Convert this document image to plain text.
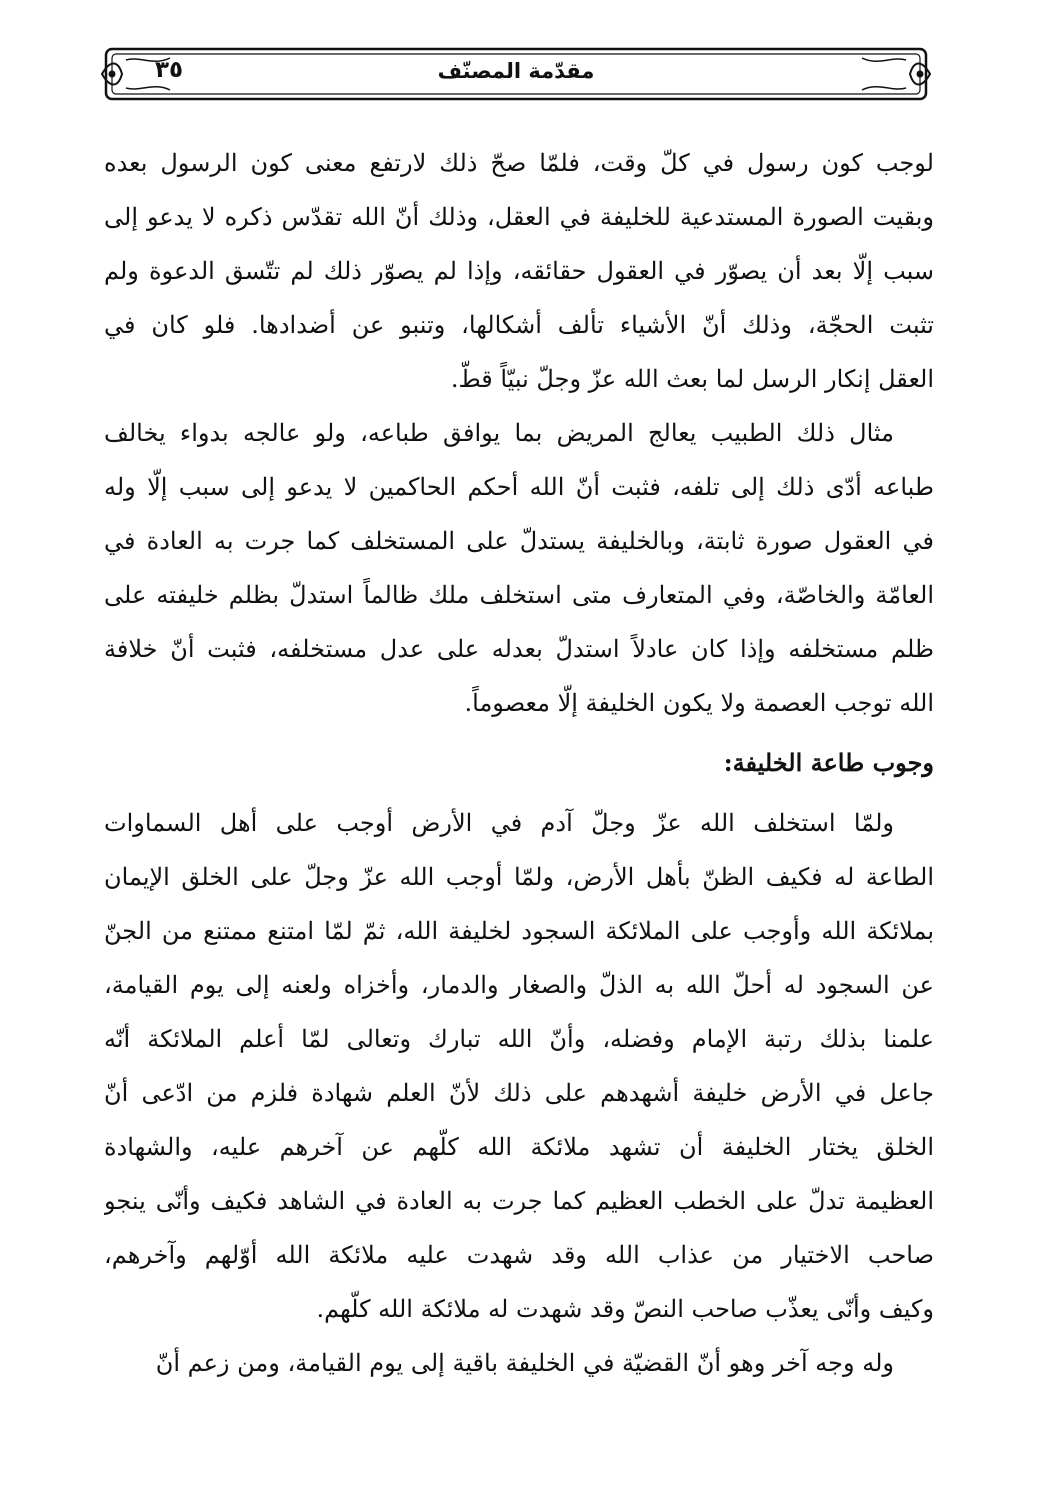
مقدّمة المصنّف
٣٥
لوجب كون رسول في كلّ وقت، فلمّا صحّ ذلك لارتفع معنى كون الرسول بعده
وبقيت الصورة المستدعية للخليفة في العقل، وذلك أنّ الله تقدّس ذكره لا يدعو إلى
سبب إلّا بعد أن يصوّر في العقول حقائقه، وإذا لم يصوّر ذلك لم تتّسق الدعوة ولم
تثبت الحجّة، وذلك أنّ الأشياء تألف أشكالها، وتنبو عن أضدادها. فلو كان في
العقل إنكار الرسل لما بعث الله عزّ وجلّ نبيّاً قطّ.
مثال ذلك الطبيب يعالج المريض بما يوافق طباعه، ولو عالجه بدواء يخالف
طباعه أدّى ذلك إلى تلفه، فثبت أنّ الله أحكم الحاكمين لا يدعو إلى سبب إلّا وله
في العقول صورة ثابتة، وبالخليفة يستدلّ على المستخلف كما جرت به العادة في
العامّة والخاصّة، وفي المتعارف متى استخلف ملك ظالماً استدلّ بظلم خليفته على
ظلم مستخلفه وإذا كان عادلاً استدلّ بعدله على عدل مستخلفه، فثبت أنّ خلافة
الله توجب العصمة ولا يكون الخليفة إلّا معصوماً.
وجوب طاعة الخليفة:
ولمّا استخلف الله عزّ وجلّ آدم في الأرض أوجب على أهل السماوات
الطاعة له فكيف الظنّ بأهل الأرض، ولمّا أوجب الله عزّ وجلّ على الخلق الإيمان
بملائكة الله وأوجب على الملائكة السجود لخليفة الله، ثمّ لمّا امتنع ممتنع من الجنّ
عن السجود له أحلّ الله به الذلّ والصغار والدمار، وأخزاه ولعنه إلى يوم القيامة،
علمنا بذلك رتبة الإمام وفضله، وأنّ الله تبارك وتعالى لمّا أعلم الملائكة أنّه
جاعل في الأرض خليفة أشهدهم على ذلك لأنّ العلم شهادة فلزم من ادّعى أنّ
الخلق يختار الخليفة أن تشهد ملائكة الله كلّهم عن آخرهم عليه، والشهادة
العظيمة تدلّ على الخطب العظيم كما جرت به العادة في الشاهد فكيف وأنّى ينجو
صاحب الاختيار من عذاب الله وقد شهدت عليه ملائكة الله أوّلهم وآخرهم،
وكيف وأنّى يعذّب صاحب النصّ وقد شهدت له ملائكة الله كلّهم.
وله وجه آخر وهو أنّ القضيّة في الخليفة باقية إلى يوم القيامة، ومن زعم أنّ
